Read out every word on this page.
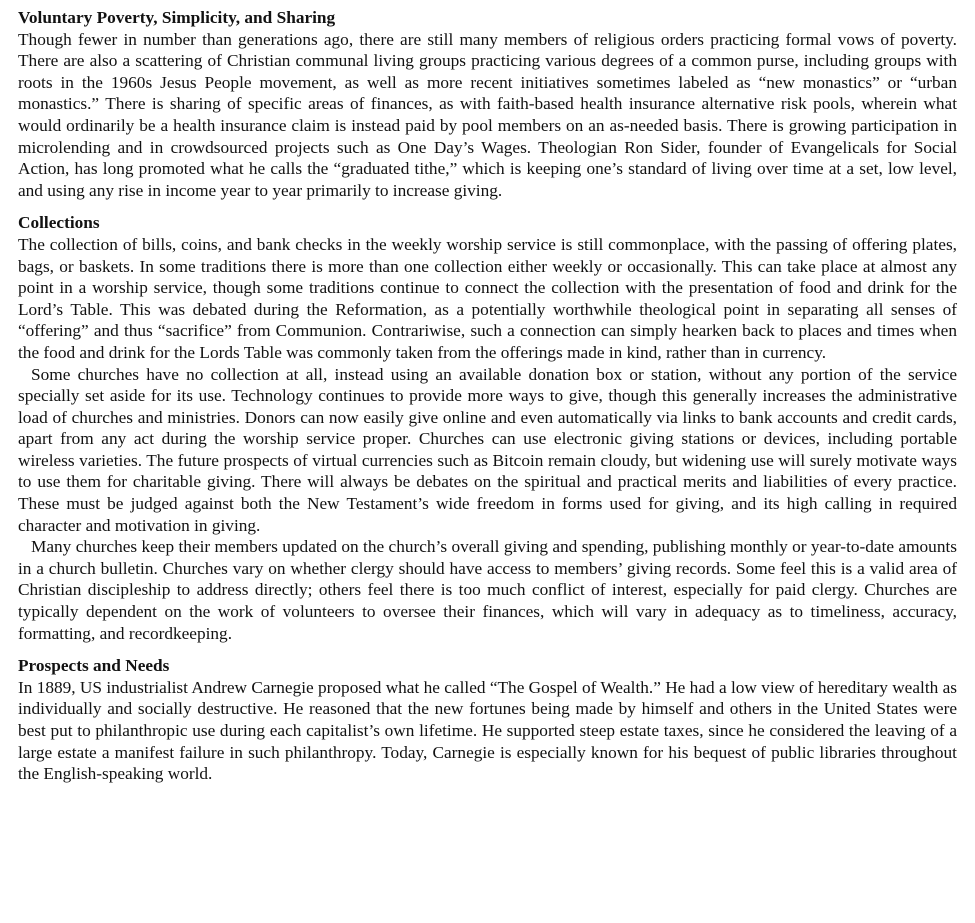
Voluntary Poverty, Simplicity, and Sharing

Though fewer in number than generations ago, there are still many members of religious orders practicing formal vows of poverty. There are also a scattering of Christian communal living groups practicing various degrees of a common purse, including groups with roots in the 1960s Jesus People movement, as well as more recent initiatives sometimes labeled as “new monastics” or “urban monastics.” There is sharing of specific areas of finances, as with faith-based health insurance alternative risk pools, wherein what would ordinarily be a health insurance claim is instead paid by pool members on an as-needed basis. There is growing participation in microlending and in crowdsourced projects such as One Day’s Wages. Theologian Ron Sider, founder of Evangelicals for Social Action, has long promoted what he calls the “graduated tithe,” which is keeping one’s standard of living over time at a set, low level, and using any rise in income year to year primarily to increase giving.

Collections

The collection of bills, coins, and bank checks in the weekly worship service is still commonplace, with the passing of offering plates, bags, or baskets. In some traditions there is more than one collection either weekly or occasionally. This can take place at almost any point in a worship service, though some traditions continue to connect the collection with the presentation of food and drink for the Lord’s Table. This was debated during the Reformation, as a potentially worthwhile theological point in separating all senses of “offering” and thus “sacrifice” from Communion. Contrariwise, such a connection can simply hearken back to places and times when the food and drink for the Lords Table was commonly taken from the offerings made in kind, rather than in currency.

Some churches have no collection at all, instead using an available donation box or station, without any portion of the service specially set aside for its use. Technology continues to provide more ways to give, though this generally increases the administrative load of churches and ministries. Donors can now easily give online and even automatically via links to bank accounts and credit cards, apart from any act during the worship service proper. Churches can use electronic giving stations or devices, including portable wireless varieties. The future prospects of virtual currencies such as Bitcoin remain cloudy, but widening use will surely motivate ways to use them for charitable giving. There will always be debates on the spiritual and practical merits and liabilities of every practice. These must be judged against both the New Testament’s wide freedom in forms used for giving, and its high calling in required character and motivation in giving.

Many churches keep their members updated on the church’s overall giving and spending, publishing monthly or year-to-date amounts in a church bulletin. Churches vary on whether clergy should have access to members’ giving records. Some feel this is a valid area of Christian discipleship to address directly; others feel there is too much conflict of interest, especially for paid clergy. Churches are typically dependent on the work of volunteers to oversee their finances, which will vary in adequacy as to timeliness, accuracy, formatting, and recordkeeping.

Prospects and Needs

In 1889, US industrialist Andrew Carnegie proposed what he called “The Gospel of Wealth.” He had a low view of hereditary wealth as individually and socially destructive. He reasoned that the new fortunes being made by himself and others in the United States were best put to philanthropic use during each capitalist’s own lifetime. He supported steep estate taxes, since he considered the leaving of a large estate a manifest failure in such philanthropy. Today, Carnegie is especially known for his bequest of public libraries throughout the English-speaking world.
